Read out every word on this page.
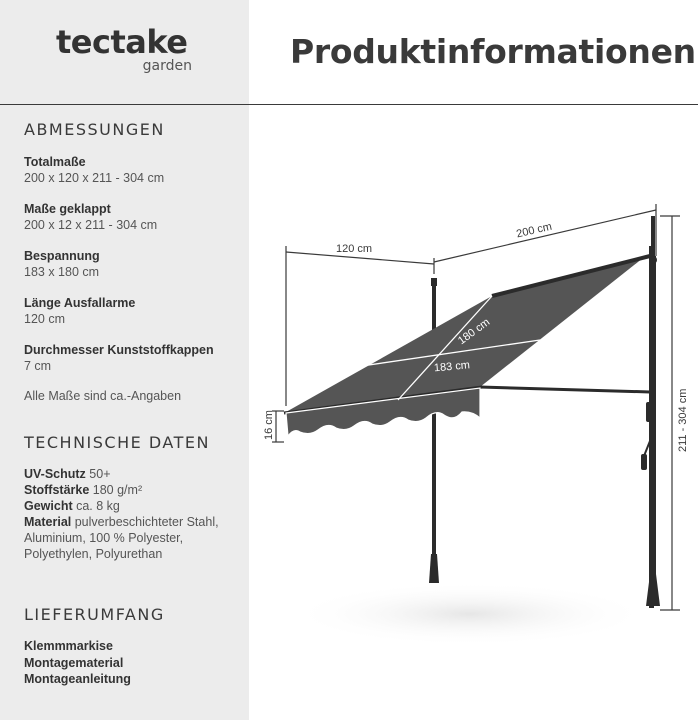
tectake
garden	Produktinformationen
ABMESSUNGEN
Totalmaße
200 x 120 x 211 - 304 cm
Maße geklappt
200 x 12 x 211 - 304 cm
Bespannung
183 x 180 cm
Länge Ausfallarme
120 cm
Durchmesser Kunststoffkappen
7 cm
Alle Maße sind ca.-Angaben
TECHNISCHE DATEN
UV-Schutz 50+
Stoffstärke 180 g/m²
Gewicht ca. 8 kg
Material pulverbeschichteter Stahl, Aluminium, 100 % Polyester, Polyethylen, Polyurethan
LIEFERUMFANG
Klemmmarkise
Montagematerial
Montageanleitung
180 cm
183 cm
120 cm
200 cm
211 - 304 cm
16 cm
